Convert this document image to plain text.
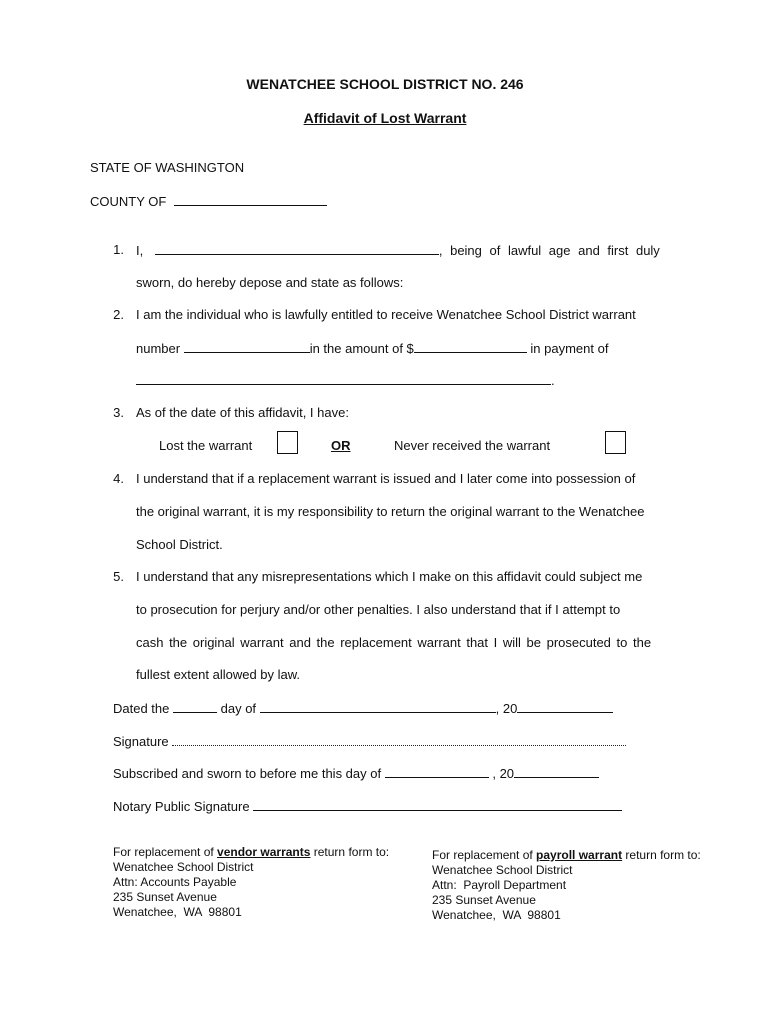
WENATCHEE SCHOOL DISTRICT NO. 246
Affidavit of Lost Warrant
STATE OF WASHINGTON
COUNTY OF
1. I,	, being of lawful age and first duly
sworn, do hereby depose and state as follows:
2. I am the individual who is lawfully entitled to receive Wenatchee School District warrant
number	in the amount of $	in payment of
.
3. As of the date of this affidavit, I have:
Lost the warrant	OR	Never received the warrant
4. I understand that if a replacement warrant is issued and I later come into possession of
the original warrant, it is my responsibility to return the original warrant to the Wenatchee
School District.
5. I understand that any misrepresentations which I make on this affidavit could subject me
to prosecution for perjury and/or other penalties. I also understand that if I attempt to
cash the original warrant and the replacement warrant that I will be prosecuted to the
fullest extent allowed by law.
Dated the	day of	, 20
Signature
Subscribed and sworn to before me this day of	, 20
Notary Public Signature
For replacement of vendor warrants return form to:
Wenatchee School District
Attn: Accounts Payable
235 Sunset Avenue
Wenatchee,  WA  98801
For replacement of payroll warrant return form to:
Wenatchee School District
Attn:  Payroll Department
235 Sunset Avenue
Wenatchee,  WA  98801
